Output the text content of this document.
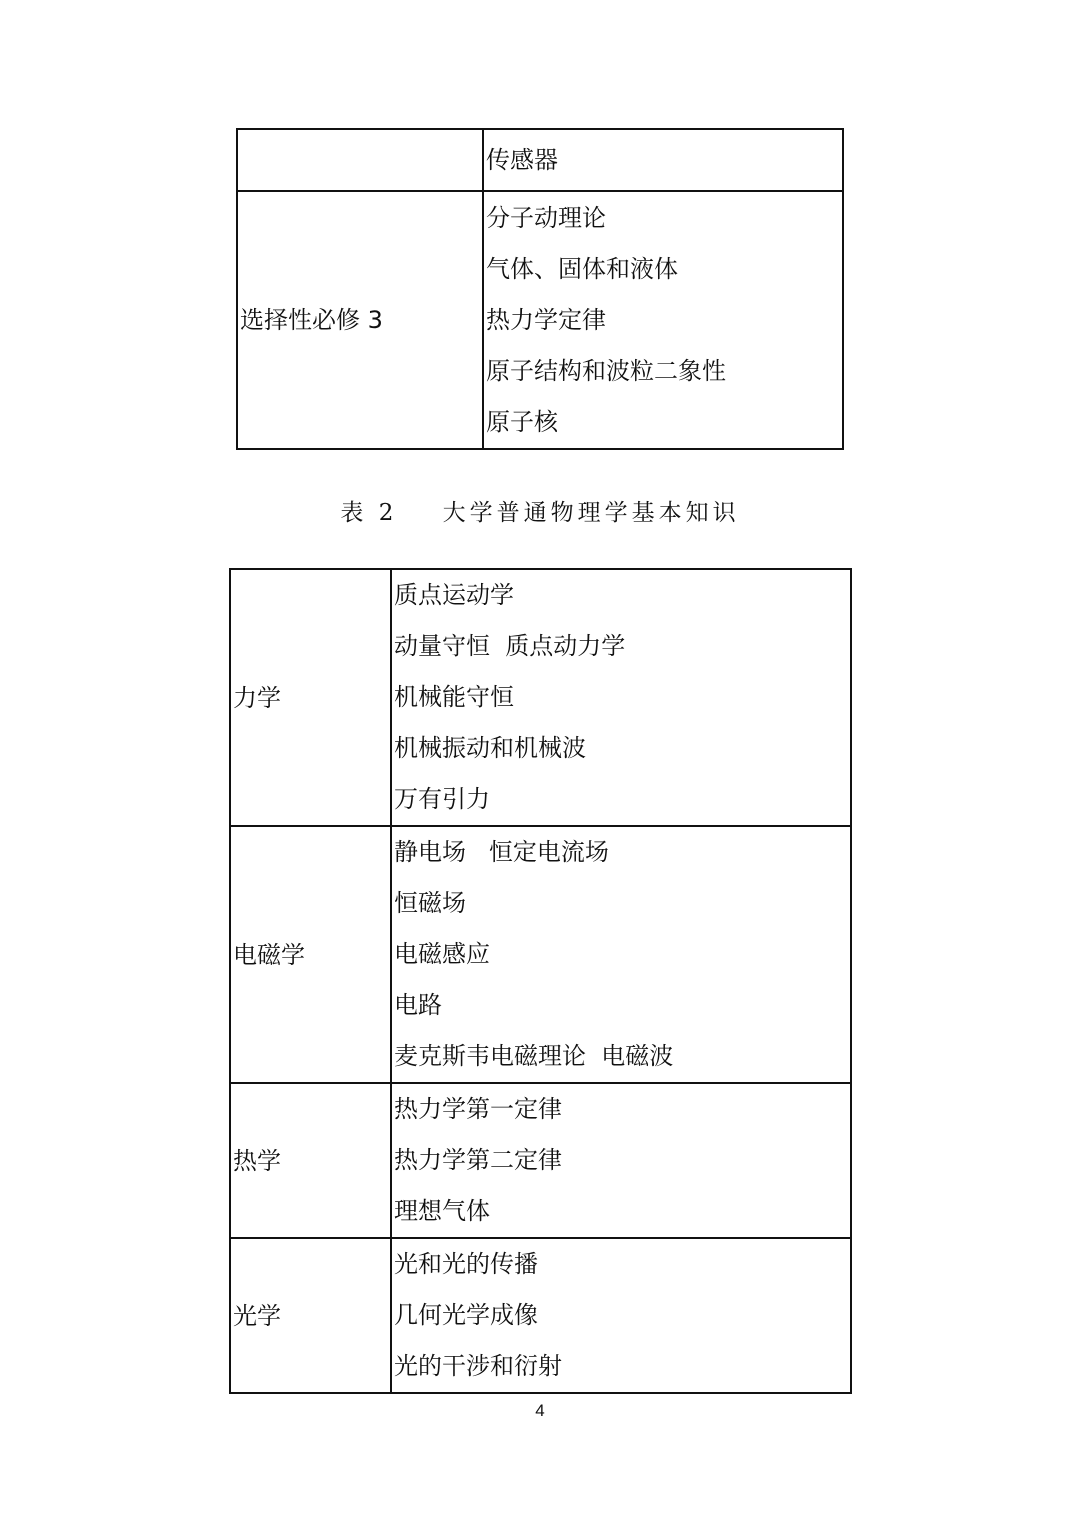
	传感器

选择性必修 3	分子动理论
气体、固体和液体
热力学定律
原子结构和波粒二象性
原子核
表 2    大学普通物理学基本知识
力学	质点运动学
动量守恒  质点动力学
机械能守恒
机械振动和机械波
万有引力

电磁学	静电场   恒定电流场
恒磁场
电磁感应
电路
麦克斯韦电磁理论  电磁波

热学	热力学第一定律
热力学第二定律
理想气体

光学	光和光的传播
几何光学成像
光的干涉和衍射
4
